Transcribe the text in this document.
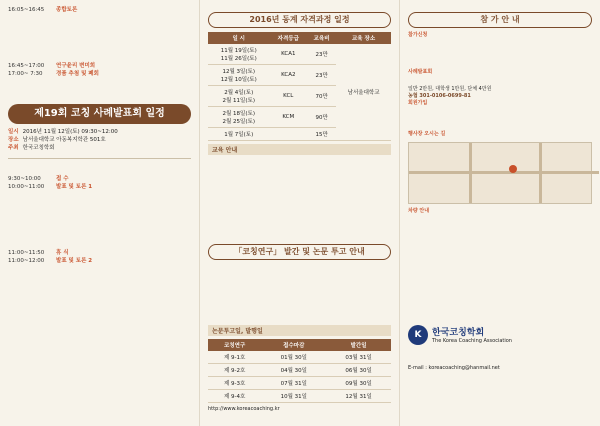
16:05~16:45	종합토론
16:45~17:00	연구윤리 변미희
17:00~ 7:30	경품 추첨 및 폐회
제19회 코칭 사례발표회 일정
일시 2016년 11월 12일(토) 09:30~12:00
장소 남서울대학교 아동복지학관 501호
주최 한국코칭학회
9:30~10:00	접 수
10:00~11:00	발표 및 토론 1
11:00~11:50	휴 식
11:00~12:00	발표 및 토론 2
2016년 동계 자격과정 일정
일 시	자격등급	교육비	교육 장소
11월 19일(토)
11월 26일(토)	KCA1	23만	남서울대학교
12월 3일(토)
12월 10일(토)	KCA2	23만	
2월 4일(토)
2월 11일(토)	KCL	70만	
2월 18일(토)
2월 25일(토)	KCM	90만	
1월 7일(토)		15만	
교육 안내
「코칭연구」 발간 및 논문 투고 안내
논문투고일, 발행일
코칭연구	접수마감	발간일
제 9-1호	01월 30일	03월 31일
제 9-2호	04월 30일	06월 30일
제 9-3호	07월 31일	09월 30일
제 9-4호	10월 31일	12월 31일
http://www.koreacoaching.kr
참 가 안 내
참가신청
사례발표회
일반 2만원, 대학생 1만원, 단체 4만원
농협 301-0106-0699-81
회원가입
행사장 오시는 길
차량 안내
K	한국코칭학회
The Korea Coaching Association
E-mail : koreacoaching@hanmail.net
